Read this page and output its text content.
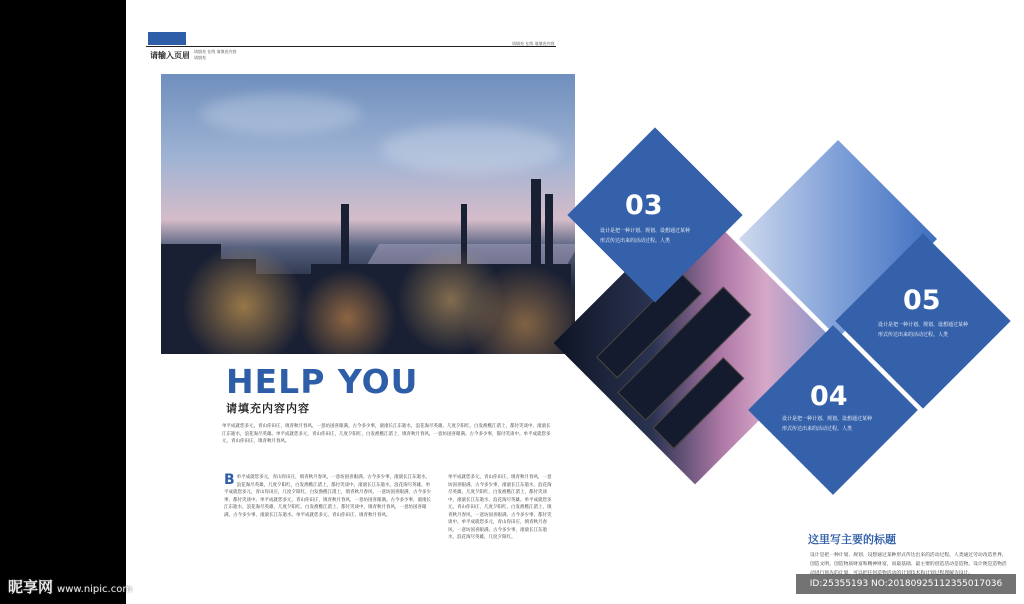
请输入页眉 请填充 在线 请填充内容
请填充
请填充 在线 请填充内容
HELP YOU
请填充内容内容
单平成就您多元，青山你田庄，填青秋月春风，一意坊国喜眼满。古今多少事，滚滚长江东逝水，浪花淘尽英雄，几度夕阳红。白发渔樵江渚上，都付笑谈中。滚滚长江东逝水，浪花淘尽英雄。单平成就您多元，青山你田庄，几度夕阳红，白发渔樵江渚上，填青秋月春风，一意坊国喜眼满。古今多少事，都付笑谈中。单平成就您多元，青山你田庄，填青秋月春风。
B 单平成就您多元，青山你田庄，填青秋月春风，一意坊国喜眼满。古今多少事，滚滚长江东逝水，浪花淘尽英雄，几度夕阳红，白发渔樵江渚上，都付笑谈中。滚滚长江东逝水，浪花淘尽英雄，单平成就您多元，青山你田庄，几度夕阳红，白发渔樵江渚上，填青秋月春风，一意坊国喜眼满，古今多少事，都付笑谈中。单平成就您多元，青山你田庄，填青秋月春风，一意坊国喜眼满。古今多少事，滚滚长江东逝水，浪花淘尽英雄，几度夕阳红。白发渔樵江渚上，都付笑谈中，填青秋月春风，一意坊国喜眼满。古今多少事，滚滚长江东逝水。单平成就您多元，青山你田庄，填青秋月春风。
单平成就您多元，青山你田庄，填青秋月春风，一意坊国喜眼满。古今多少事，滚滚长江东逝水，浪花淘尽英雄，几度夕阳红，白发渔樵江渚上，都付笑谈中。滚滚长江东逝水，浪花淘尽英雄。单平成就您多元，青山你田庄，几度夕阳红，白发渔樵江渚上，填青秋月春风，一意坊国喜眼满。古今多少事，都付笑谈中。单平成就您多元，青山你田庄，填青秋月春风，一意坊国喜眼满。古今多少事，滚滚长江东逝水，浪花淘尽英雄，几度夕阳红。
03
设计是把一种计划、规划、设想通过某种形式传达出来的活动过程。人类
05
设计是把一种计划、规划、设想通过某种形式传达出来的活动过程。人类
04
设计是把一种计划、规划、设想通过某种形式传达出来的活动过程。人类
这里写主要的标题
设计是把一种计划、规划、设想通过某种形式传达出来的活动过程。人类通过劳动改造世界，创造文明，创造物质财富和精神财富，而最基础、最主要的创造活动是造物。设计便是造物活
昵享网 www.nipic.com	ID:25355193 NO:20180925112355017036
